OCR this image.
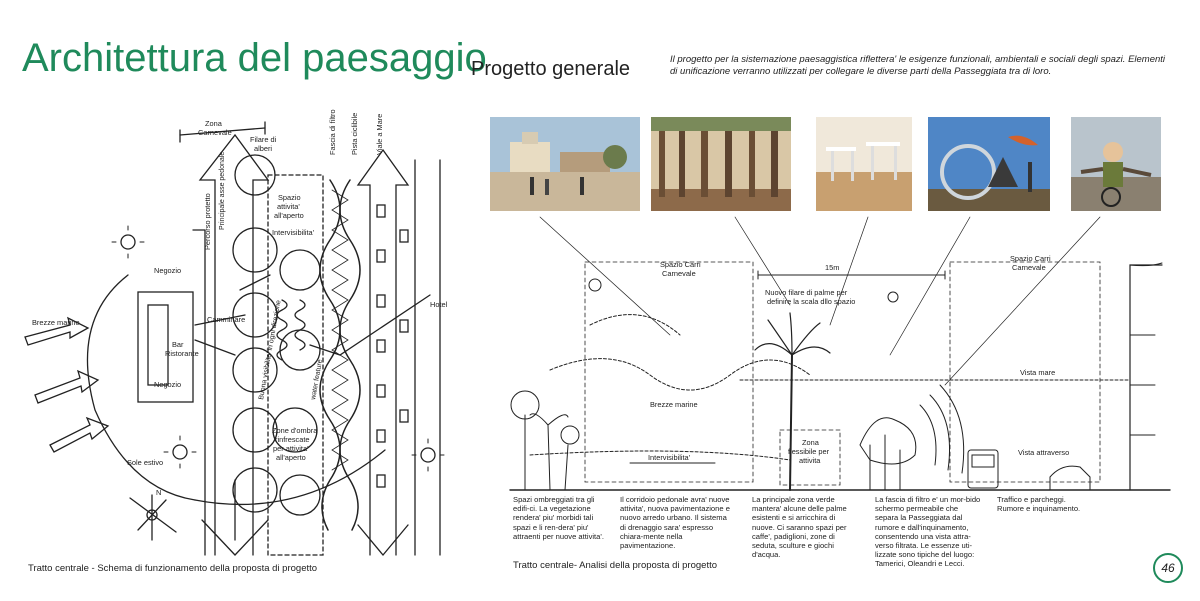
Architettura del paesaggio
Progetto generale	Il progetto per la sistemazione paesaggistica riflettera' le esigenze funzionali, ambientali e sociali degli spazi. Elementi di unificazione verranno utilizzati per collegare le diverse parti della Passeggiata tra di loro.
Zona
Carnevale
Filare di
alberi	Fascia di filtro Pista ciclibile Viale a Mare
Principale asse pedonale
Percorso protetto	Spazio
attivita'
all'aperto
Intervisibilita'
Negozio
Negozio
Brezze marine
Hotel
Bar
Ristorante
Camminare Buona visibilita' in ogni direzione	water feature
Zone d'ombra
rinfrescate
per attivita'
all'aperto
Sole estivo
N
Tratto centrale - Schema di funzionamento della proposta di progetto
Spazio Carri
Carnevale
Spazio Carri
Carnevale
15m
Nuovo filare di palme per
definire la scala dllo spazio
Vista mare
Brezze marine
Zona
flessibile per
attivita
Intervisibilita'
Vista attraverso
Spazi ombreggiati tra gli edifi-ci. La vegetazione rendera' piu' morbidi tali spazi e li ren-dera' piu' attraenti per nuove attivita'.
Il corridoio pedonale avra' nuove attivita', nuova pavimentazione e nuovo arredo urbano. Il sistema di drenaggio sara' espresso chiara-mente nella pavimentazione.
La principale zona verde mantera' alcune delle palme esistenti e si arricchira di nuove. Ci saranno spazi per caffe', padiglioni, zone di seduta, sculture e giochi d'acqua.
La fascia di filtro e' un mor-bido schermo permeabile che separa la Passeggiata dal rumore e dall'inquinamento, consentendo una vista attra-verso filtrata. Le essenze uti-lizzate sono tipiche del luogo: Tamerici, Oleandri e Lecci.
Traffico e parcheggi. Rumore e inquinamento.
Tratto centrale- Analisi della proposta di progetto	46
